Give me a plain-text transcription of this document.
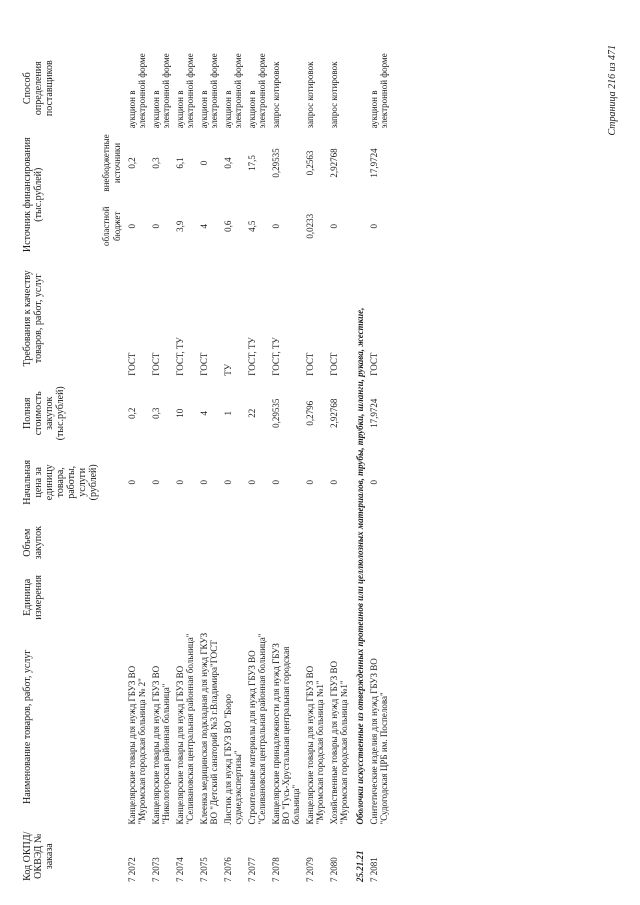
Код ОКПД/ ОКВЭД № заказа	Наименование товаров, работ, услуг	Единица измерения	Объем закупок	Начальная цена за единицу товара, работы, услуги (рублей)	Полная стоимость закупок (тыс.рублей)	Требования к качеству товаров, работ, услуг	Источник финансирования (тыс.рублей)		Способ определения поставщиков
							областной бюджет	внебюджетные источники	
7 2072	Канцелярские товары для нужд ГБУЗ ВО "Муромская городская больница № 2"			0	0,2	ГОСТ	0	0,2	аукцион в электронной форме
7 2073	Канцелярские товары для нужд ГБУЗ ВО "Никологорская районная больница"			0	0,3	ГОСТ	0	0,3	аукцион в электронной форме
7 2074	Канцелярские товары для нужд ГБУЗ ВО "Селивановская центральная районная больница"			0	10	ГОСТ, ТУ	3,9	6,1	аукцион в электронной форме
7 2075	Клеенка медицинская подкладная для нужд ГКУЗ ВО "Детский санаторий №3 г.Владимира"ГОСТ			0	4	ГОСТ	4	0	аукцион в электронной форме
7 2076	Листик для нужд ГБУЗ ВО "Бюро судмедэкспертизы"			0	1	ТУ	0,6	0,4	аукцион в электронной форме
7 2077	Строительные материалы для нужд ГБУЗ ВО "Селивановская центральная районная больница"			0	22	ГОСТ, ТУ	4,5	17,5	аукцион в электронной форме
7 2078	Канцелярские принадлежности для нужд ГБУЗ ВО "Гусь-Хрустальная центральная городская больница"			0	0,29535	ГОСТ, ТУ	0	0,29535	запрос котировок
7 2079	Канцелярские товары для нужд ГБУЗ ВО "Муромская городская больница №1"			0	0,2796	ГОСТ	0,0233	0,2563	запрос котировок
7 2080	Хозяйственные товары для нужд ГБУЗ ВО "Муромская городская больница №1"			0	2,92768	ГОСТ	0	2,92768	запрос котировок
25.21.21	Оболочки искусственные из отвержденных протеинов или целлюлозных материалов, трубы, трубки, шланги, рукава, жесткие,								
7 2081	Синтетические изделия для нужд ГБУЗ ВО "Судогодская ЦРБ им. Поспелова"			0	17,9724	ГОСТ	0	17,9724	аукцион в электронной форме	Страница 216 из 471
